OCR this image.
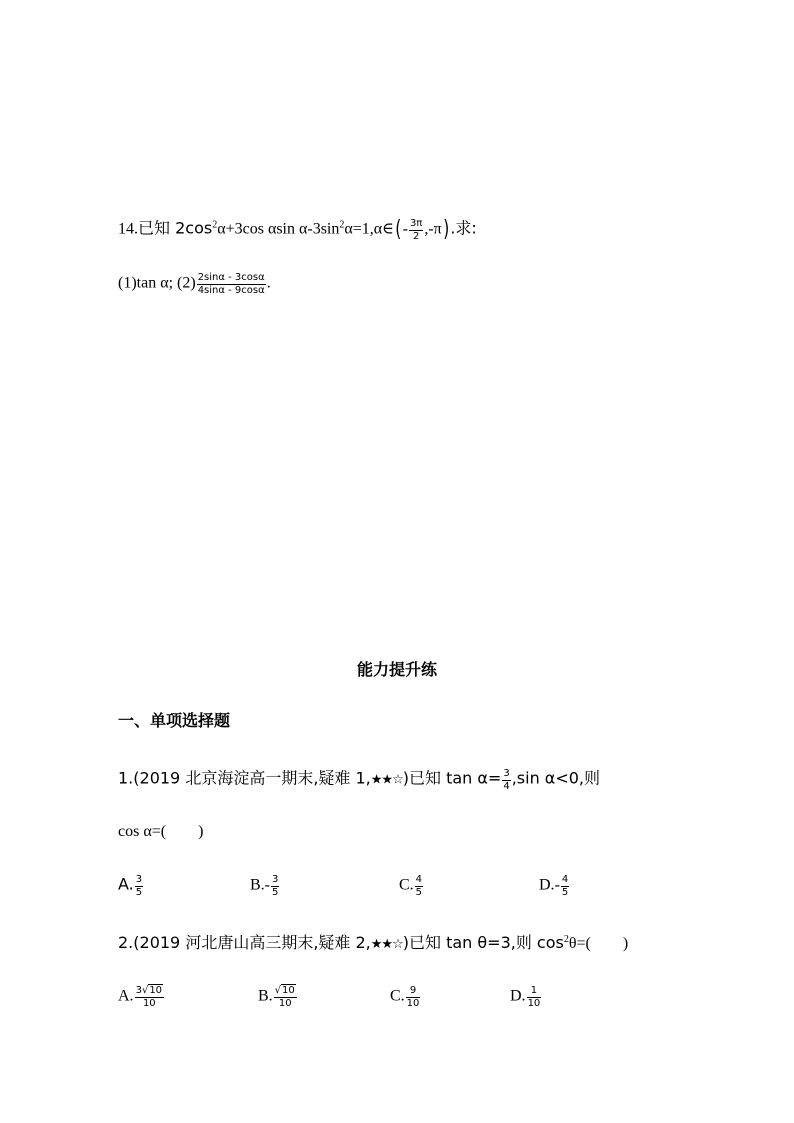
14.已知 $2\cos^2\alpha+3\cos$ αsin $\alpha-3\sin^2\alpha=1,\alpha\in(- \frac{3\pi}{2} ,-\pi)$.求:
(1)tan α; $(2) \frac{2\sin\alpha - 3\cos\alpha}{4\sin\alpha - 9\cos\alpha}$ .
能力提升练
一、单项选择题
1.(2019 北京海淀高一期末,疑难 1,★★☆)已知 $\tan \alpha= \frac{3}{4} ,\sin$ α<0,则
cos α=(　　)
A. $\frac{3}{5}$	$B.- \frac{3}{5}$	C. $\frac{4}{5}$	$D.- \frac{4}{5}$
2.(2019 河北唐山高三期末,疑难 2,★★☆)已知 tan θ=3,则 $\cos^2\theta=$(　　)
A. $\frac{3√10}{10}$	B. $\frac{√10}{10}$	C. $\frac{9}{10}$	D. $\frac{1}{10}$
